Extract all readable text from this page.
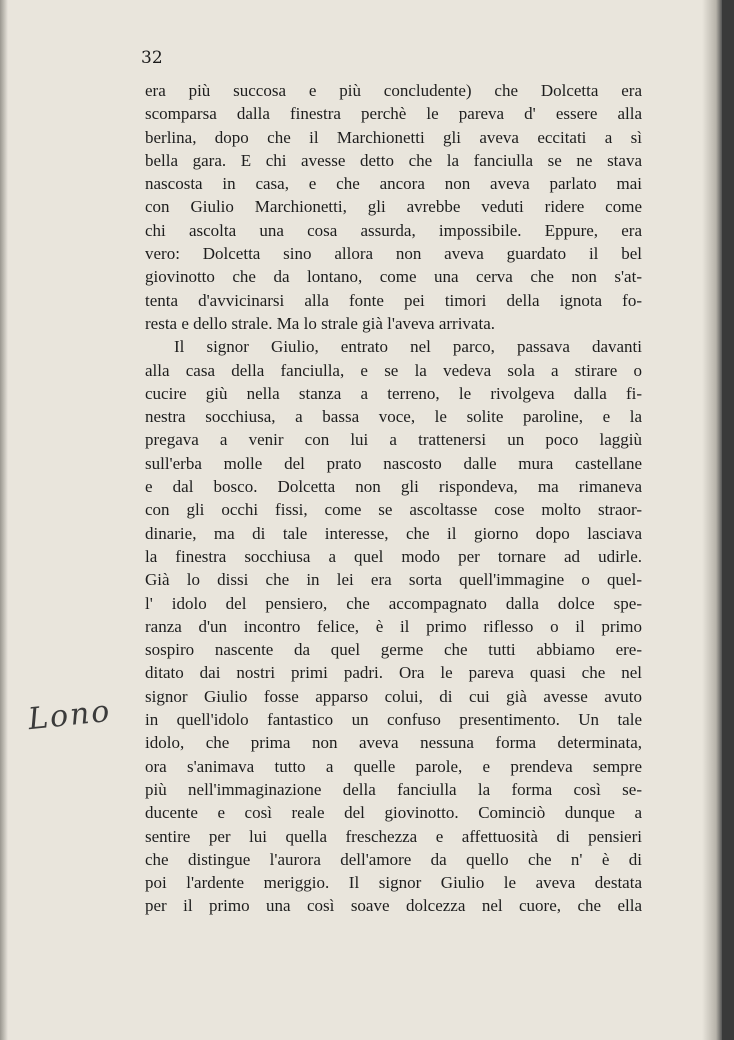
32
Lono
era più succosa e più concludente) che Dolcetta era
scomparsa dalla finestra perchè le pareva d' essere alla
berlina, dopo che il Marchionetti gli aveva eccitati a sì
bella gara. E chi avesse detto che la fanciulla se ne stava
nascosta in casa, e che ancora non aveva parlato mai
con Giulio Marchionetti, gli avrebbe veduti ridere come
chi ascolta una cosa assurda, impossibile. Eppure, era
vero: Dolcetta sino allora non aveva guardato il bel
giovinotto che da lontano, come una cerva che non s'at-
tenta d'avvicinarsi alla fonte pei timori della ignota fo-
resta e dello strale. Ma lo strale già l'aveva arrivata.
Il signor Giulio, entrato nel parco, passava davanti
alla casa della fanciulla, e se la vedeva sola a stirare o
cucire giù nella stanza a terreno, le rivolgeva dalla fi-
nestra socchiusa, a bassa voce, le solite paroline, e la
pregava a venir con lui a trattenersi un poco laggiù
sull'erba molle del prato nascosto dalle mura castellane
e dal bosco. Dolcetta non gli rispondeva, ma rimaneva
con gli occhi fissi, come se ascoltasse cose molto straor-
dinarie, ma di tale interesse, che il giorno dopo lasciava
la finestra socchiusa a quel modo per tornare ad udirle.
Già lo dissi che in lei era sorta quell'immagine o quel-
l' idolo del pensiero, che accompagnato dalla dolce spe-
ranza d'un incontro felice, è il primo riflesso o il primo
sospiro nascente da quel germe che tutti abbiamo ere-
ditato dai nostri primi padri. Ora le pareva quasi che nel
signor Giulio fosse apparso colui, di cui già avesse avuto
in quell'idolo fantastico un confuso presentimento. Un tale
idolo, che prima non aveva nessuna forma determinata,
ora s'animava tutto a quelle parole, e prendeva sempre
più nell'immaginazione della fanciulla la forma così se-
ducente e così reale del giovinotto. Cominciò dunque a
sentire per lui quella freschezza e affettuosità di pensieri
che distingue l'aurora dell'amore da quello che n' è di
poi l'ardente meriggio. Il signor Giulio le aveva destata
per il primo una così soave dolcezza nel cuore, che ella
